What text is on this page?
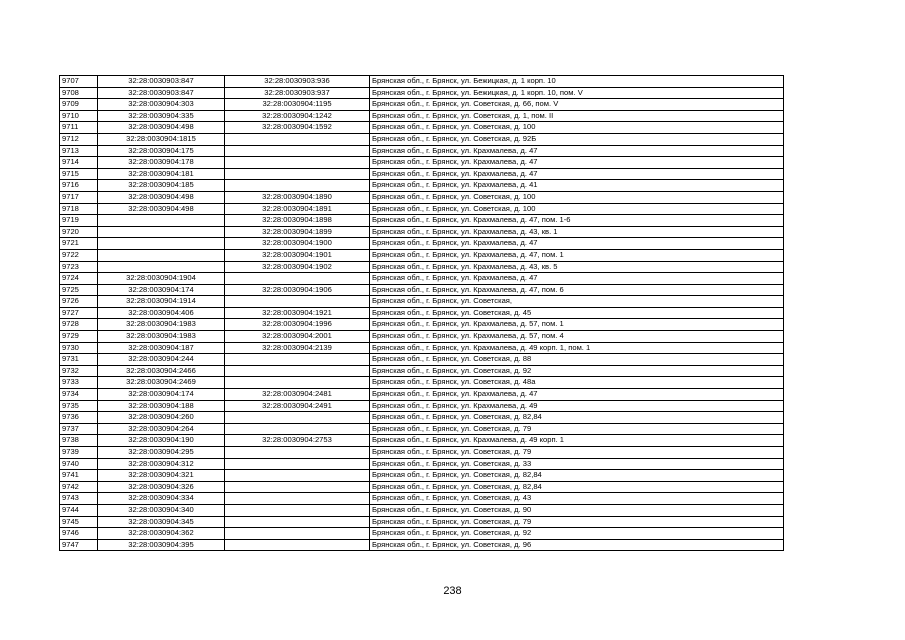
9707	32:28:0030903:847	32:28:0030903:936	Брянская обл., г. Брянск, ул. Бежицкая, д. 1 корп. 10
9708	32:28:0030903:847	32:28:0030903:937	Брянская обл., г. Брянск, ул. Бежицкая, д. 1 корп. 10, пом. V
9709	32:28:0030904:303	32:28:0030904:1195	Брянская обл., г. Брянск, ул. Советская, д. 66, пом. V
9710	32:28:0030904:335	32:28:0030904:1242	Брянская обл., г. Брянск, ул. Советская, д. 1, пом. II
9711	32:28:0030904:498	32:28:0030904:1592	Брянская обл., г. Брянск, ул. Советская, д. 100
9712	32:28:0030904:1815		Брянская обл., г. Брянск, ул. Советская, д. 92Б
9713	32:28:0030904:175		Брянская обл., г. Брянск, ул. Крахмалева, д. 47
9714	32:28:0030904:178		Брянская обл., г. Брянск, ул. Крахмалева, д. 47
9715	32:28:0030904:181		Брянская обл., г. Брянск, ул. Крахмалева, д. 47
9716	32:28:0030904:185		Брянская обл., г. Брянск, ул. Крахмалева, д. 41
9717	32:28:0030904:498	32:28:0030904:1890	Брянская обл., г. Брянск, ул. Советская, д. 100
9718	32:28:0030904:498	32:28:0030904:1891	Брянская обл., г. Брянск, ул. Советская, д. 100
9719		32:28:0030904:1898	Брянская обл., г. Брянск, ул. Крахмалева, д. 47, пом. 1-6
9720		32:28:0030904:1899	Брянская обл., г. Брянск, ул. Крахмалева, д. 43, кв. 1
9721		32:28:0030904:1900	Брянская обл., г. Брянск, ул. Крахмалева, д. 47
9722		32:28:0030904:1901	Брянская обл., г. Брянск, ул. Крахмалева, д. 47, пом. 1
9723		32:28:0030904:1902	Брянская обл., г. Брянск, ул. Крахмалева, д. 43, кв. 5
9724	32:28:0030904:1904		Брянская обл., г. Брянск, ул. Крахмалева, д. 47
9725	32:28:0030904:174	32:28:0030904:1906	Брянская обл., г. Брянск, ул. Крахмалева, д. 47, пом. 6
9726	32:28:0030904:1914		Брянская обл., г. Брянск, ул. Советская,
9727	32:28:0030904:406	32:28:0030904:1921	Брянская обл., г. Брянск, ул. Советская, д. 45
9728	32:28:0030904:1983	32:28:0030904:1996	Брянская обл., г. Брянск, ул. Крахмалева, д. 57, пом. 1
9729	32:28:0030904:1983	32:28:0030904:2001	Брянская обл., г. Брянск, ул. Крахмалева, д. 57, пом. 4
9730	32:28:0030904:187	32:28:0030904:2139	Брянская обл., г. Брянск, ул. Крахмалева, д. 49 корп. 1, пом. 1
9731	32:28:0030904:244		Брянская обл., г. Брянск, ул. Советская, д. 88
9732	32:28:0030904:2466		Брянская обл., г. Брянск, ул. Советская, д. 92
9733	32:28:0030904:2469		Брянская обл., г. Брянск, ул. Советская, д. 48а
9734	32:28:0030904:174	32:28:0030904:2481	Брянская обл., г. Брянск, ул. Крахмалева, д. 47
9735	32:28:0030904:188	32:28:0030904:2491	Брянская обл., г. Брянск, ул. Крахмалева, д. 49
9736	32:28:0030904:260		Брянская обл., г. Брянск, ул. Советская, д. 82,84
9737	32:28:0030904:264		Брянская обл., г. Брянск, ул. Советская, д. 79
9738	32:28:0030904:190	32:28:0030904:2753	Брянская обл., г. Брянск, ул. Крахмалева, д. 49 корп. 1
9739	32:28:0030904:295		Брянская обл., г. Брянск, ул. Советская, д. 79
9740	32:28:0030904:312		Брянская обл., г. Брянск, ул. Советская, д. 33
9741	32:28:0030904:321		Брянская обл., г. Брянск, ул. Советская, д. 82,84
9742	32:28:0030904:326		Брянская обл., г. Брянск, ул. Советская, д. 82,84
9743	32:28:0030904:334		Брянская обл., г. Брянск, ул. Советская, д. 43
9744	32:28:0030904:340		Брянская обл., г. Брянск, ул. Советская, д. 90
9745	32:28:0030904:345		Брянская обл., г. Брянск, ул. Советская, д. 79
9746	32:28:0030904:362		Брянская обл., г. Брянск, ул. Советская, д. 92
9747	32:28:0030904:395		Брянская обл., г. Брянск, ул. Советская, д. 96
238
